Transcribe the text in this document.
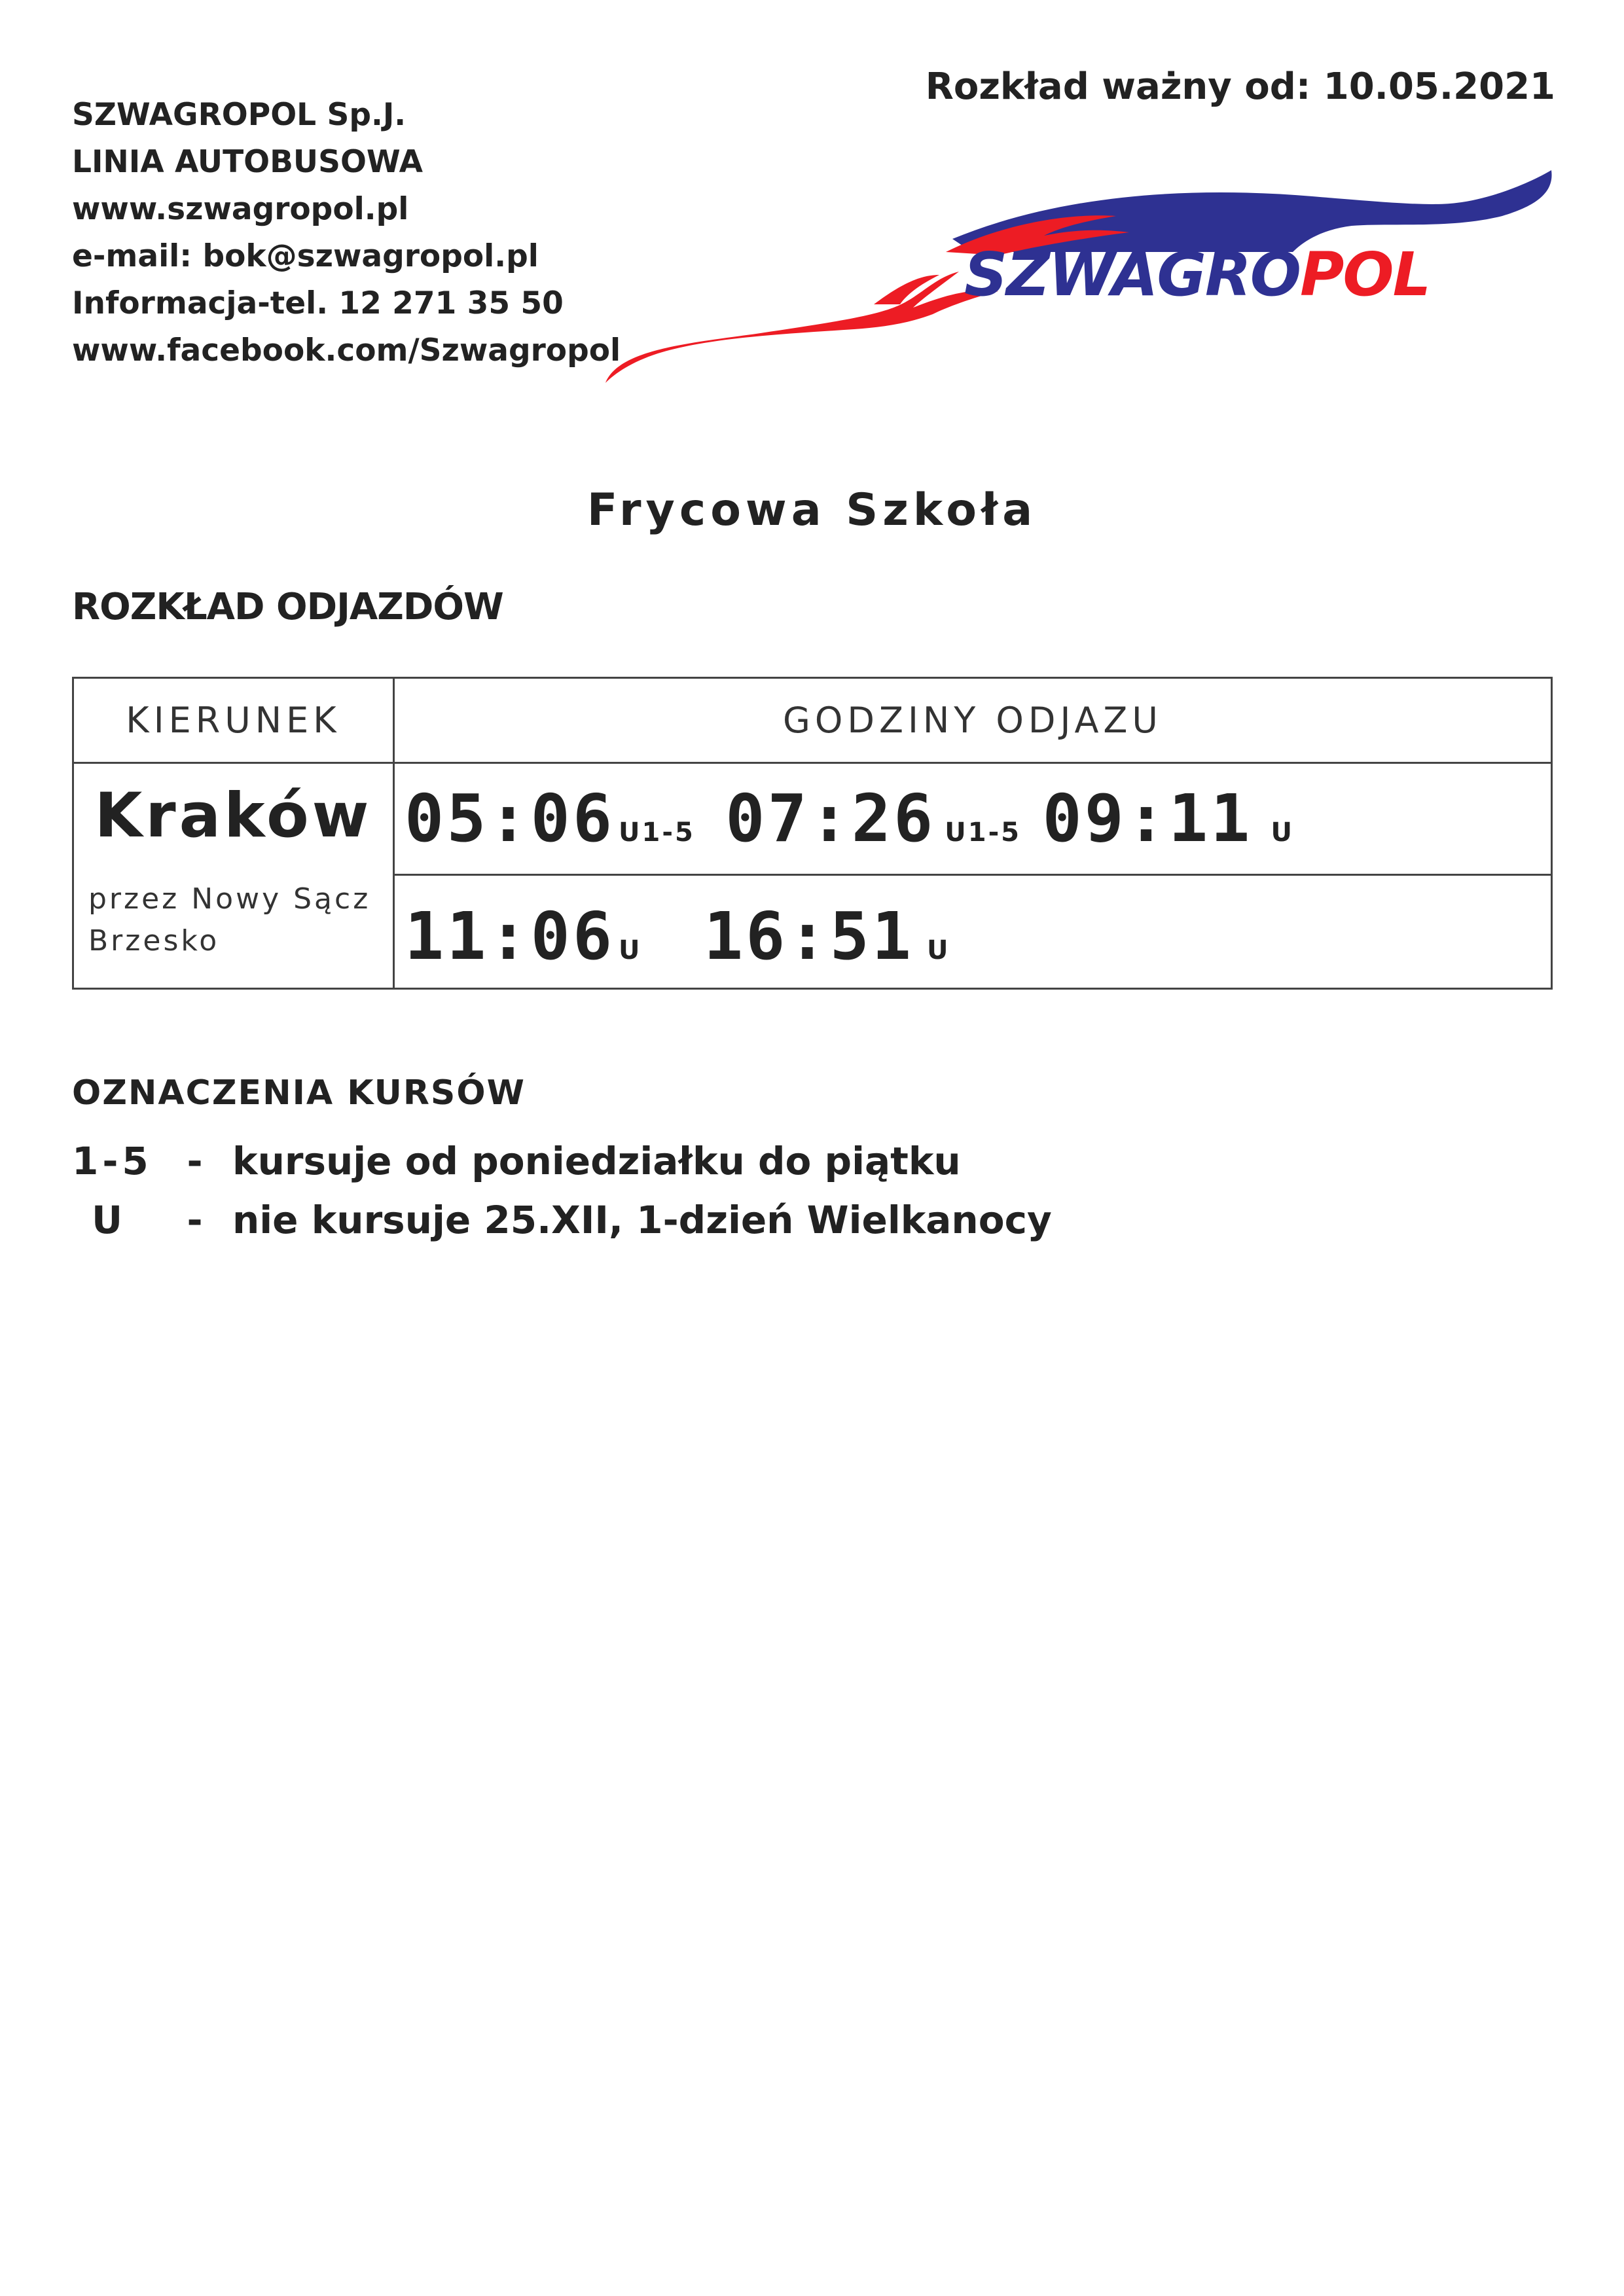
SZWAGROPOL Sp.J.
LINIA AUTOBUSOWA
www.szwagropol.pl
e-mail: bok@szwagropol.pl
Informacja-tel. 12 271 35 50
www.facebook.com/Szwagropol
Rozkład ważny od: 10.05.2021
SZWAGROPOL
Frycowa Szkoła
ROZKŁAD ODJAZDÓW
KIERUNEK	GODZINY ODJAZU
Kraków
przez Nowy Sącz
Brzesko
05:06 U1-5 07:26 U1-5 09:11 U
11:06 U 16:51 U
OZNACZENIA KURSÓW
1-5 - kursuje od poniedziałku do piątku
U - nie kursuje 25.XII, 1-dzień Wielkanocy
